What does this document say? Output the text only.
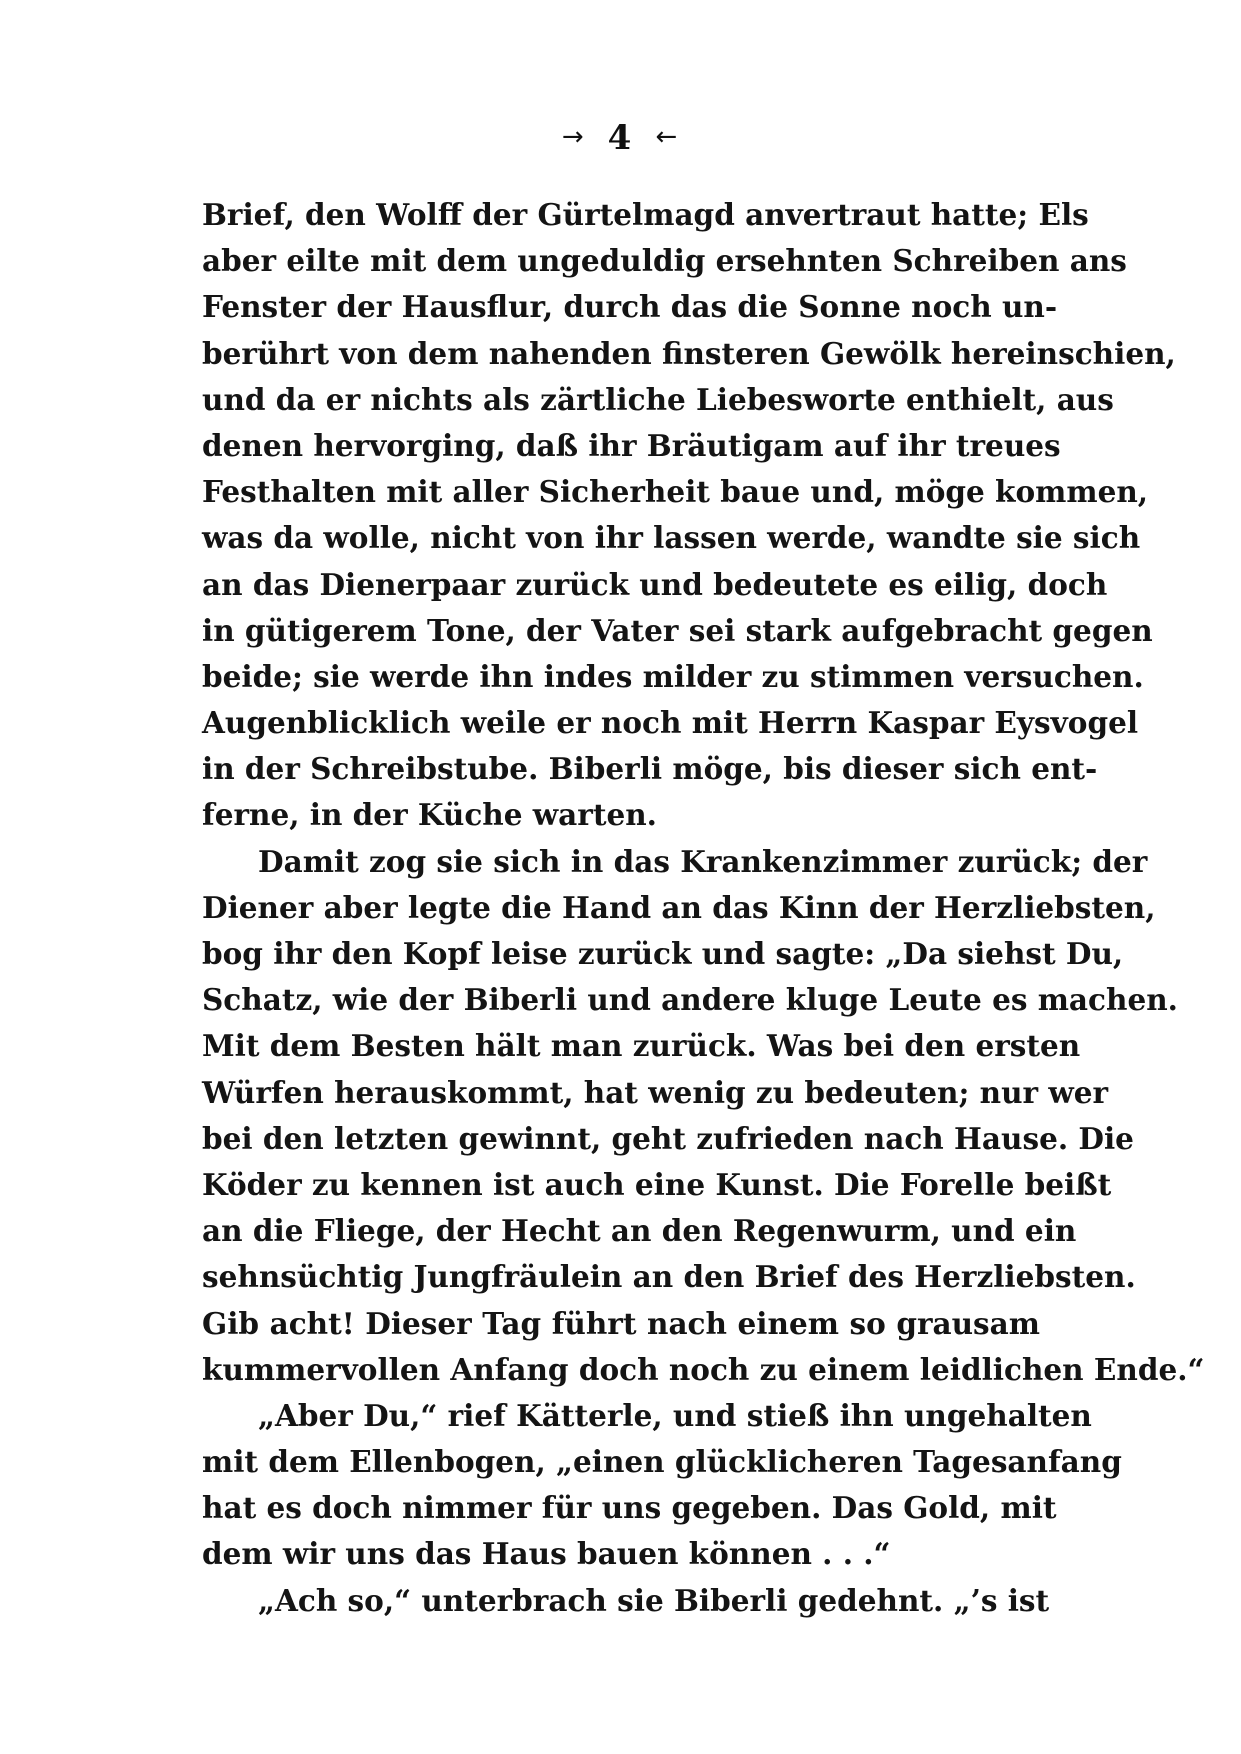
→ 4 ←
Brief, den Wolff der Gürtelmagd anvertraut hatte; Els
aber eilte mit dem ungeduldig ersehnten Schreiben ans
Fenster der Hausflur, durch das die Sonne noch un-
berührt von dem nahenden finsteren Gewölk hereinschien,
und da er nichts als zärtliche Liebesworte enthielt, aus
denen hervorging, daß ihr Bräutigam auf ihr treues
Festhalten mit aller Sicherheit baue und, möge kommen,
was da wolle, nicht von ihr lassen werde, wandte sie sich
an das Dienerpaar zurück und bedeutete es eilig, doch
in gütigerem Tone, der Vater sei stark aufgebracht gegen
beide; sie werde ihn indes milder zu stimmen versuchen.
Augenblicklich weile er noch mit Herrn Kaspar Eysvogel
in der Schreibstube. Biberli möge, bis dieser sich ent-
ferne, in der Küche warten.
Damit zog sie sich in das Krankenzimmer zurück; der
Diener aber legte die Hand an das Kinn der Herzliebsten,
bog ihr den Kopf leise zurück und sagte: „Da siehst Du,
Schatz, wie der Biberli und andere kluge Leute es machen.
Mit dem Besten hält man zurück. Was bei den ersten
Würfen herauskommt, hat wenig zu bedeuten; nur wer
bei den letzten gewinnt, geht zufrieden nach Hause. Die
Köder zu kennen ist auch eine Kunst. Die Forelle beißt
an die Fliege, der Hecht an den Regenwurm, und ein
sehnsüchtig Jungfräulein an den Brief des Herzliebsten.
Gib acht! Dieser Tag führt nach einem so grausam
kummervollen Anfang doch noch zu einem leidlichen Ende.“
„Aber Du,“ rief Kätterle, und stieß ihn ungehalten
mit dem Ellenbogen, „einen glücklicheren Tagesanfang
hat es doch nimmer für uns gegeben. Das Gold, mit
dem wir uns das Haus bauen können . . .“
„Ach so,“ unterbrach sie Biberli gedehnt. „’s ist
